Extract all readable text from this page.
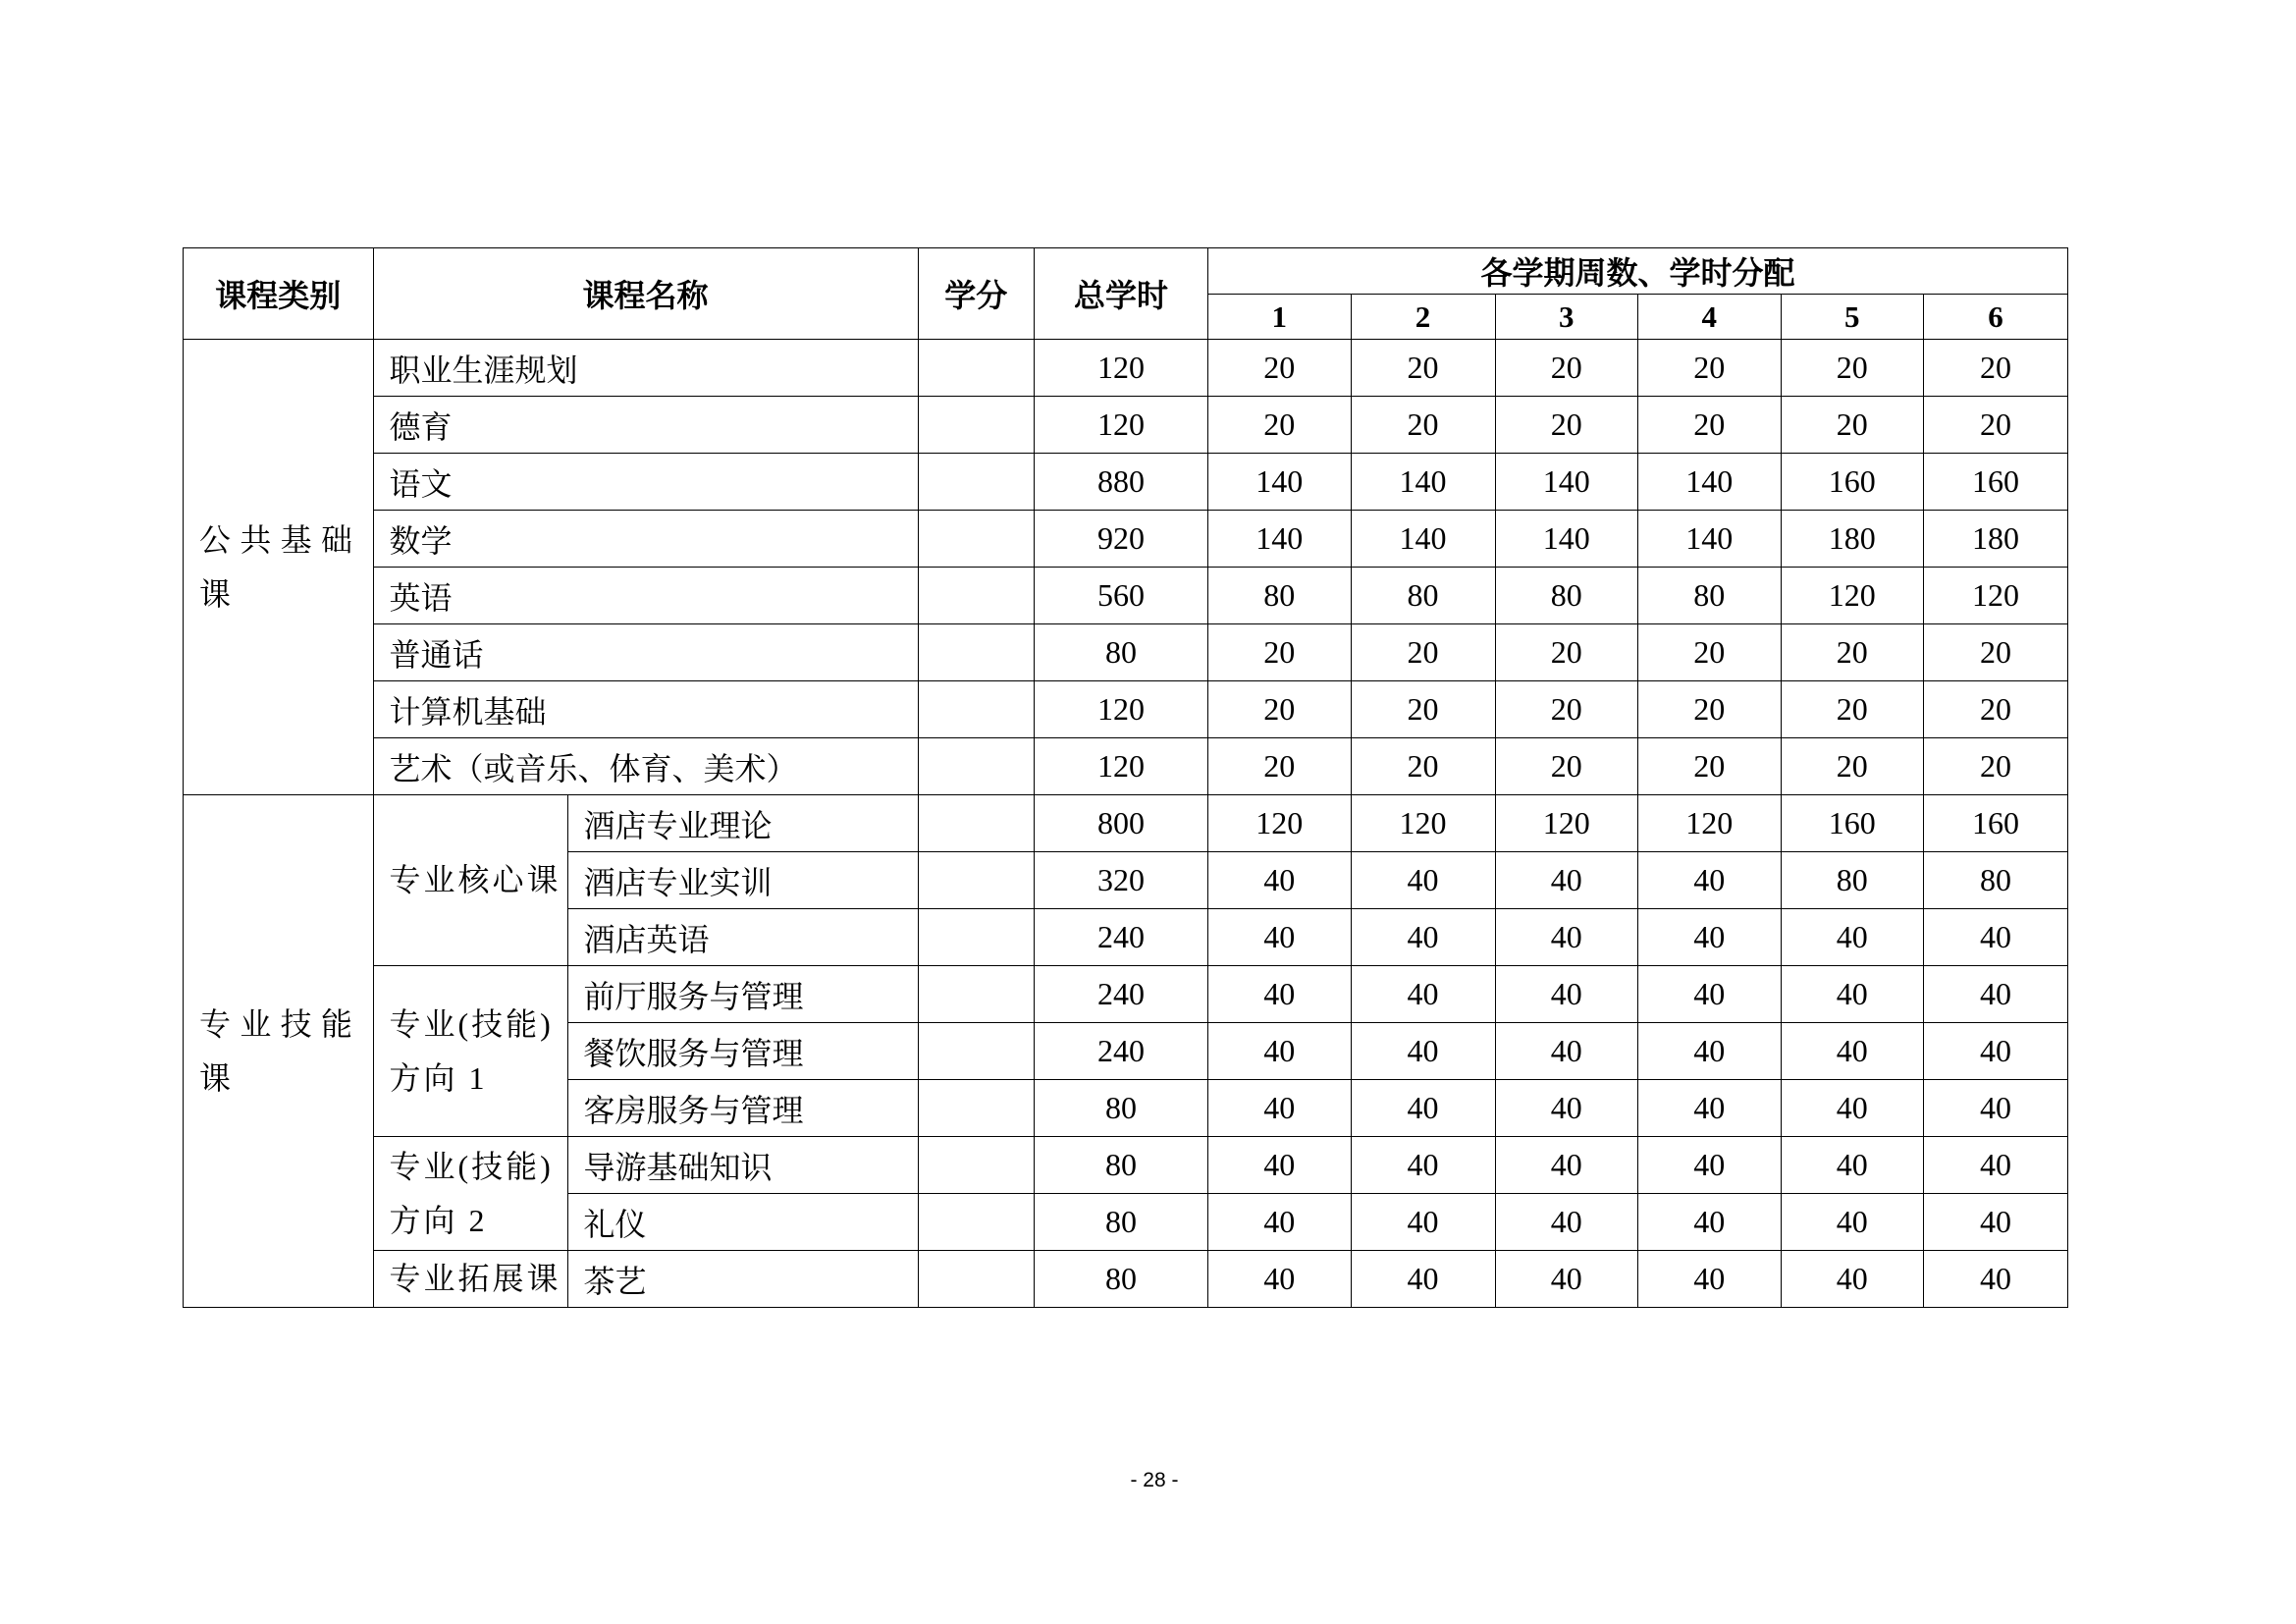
课程类别	课程名称		学分	总学时	各学期周数、学时分配					
					1	2	3	4	5	6
公共基础课	职业生涯规划			120	20	20	20	20	20	20
	德育			120	20	20	20	20	20	20
	语文			880	140	140	140	140	160	160
	数学			920	140	140	140	140	180	180
	英语			560	80	80	80	80	120	120
	普通话			80	20	20	20	20	20	20
	计算机基础			120	20	20	20	20	20	20
	艺术（或音乐、体育、美术）			120	20	20	20	20	20	20
专业技能课	专业核心课	酒店专业理论		800	120	120	120	120	160	160
		酒店专业实训		320	40	40	40	40	80	80
		酒店英语		240	40	40	40	40	40	40
	专业(技能)方向 1	前厅服务与管理		240	40	40	40	40	40	40
		餐饮服务与管理		240	40	40	40	40	40	40
		客房服务与管理		80	40	40	40	40	40	40
	专业(技能)方向 2	导游基础知识		80	40	40	40	40	40	40
		礼仪		80	40	40	40	40	40	40
	专业拓展课	茶艺		80	40	40	40	40	40	40
- 28 -
